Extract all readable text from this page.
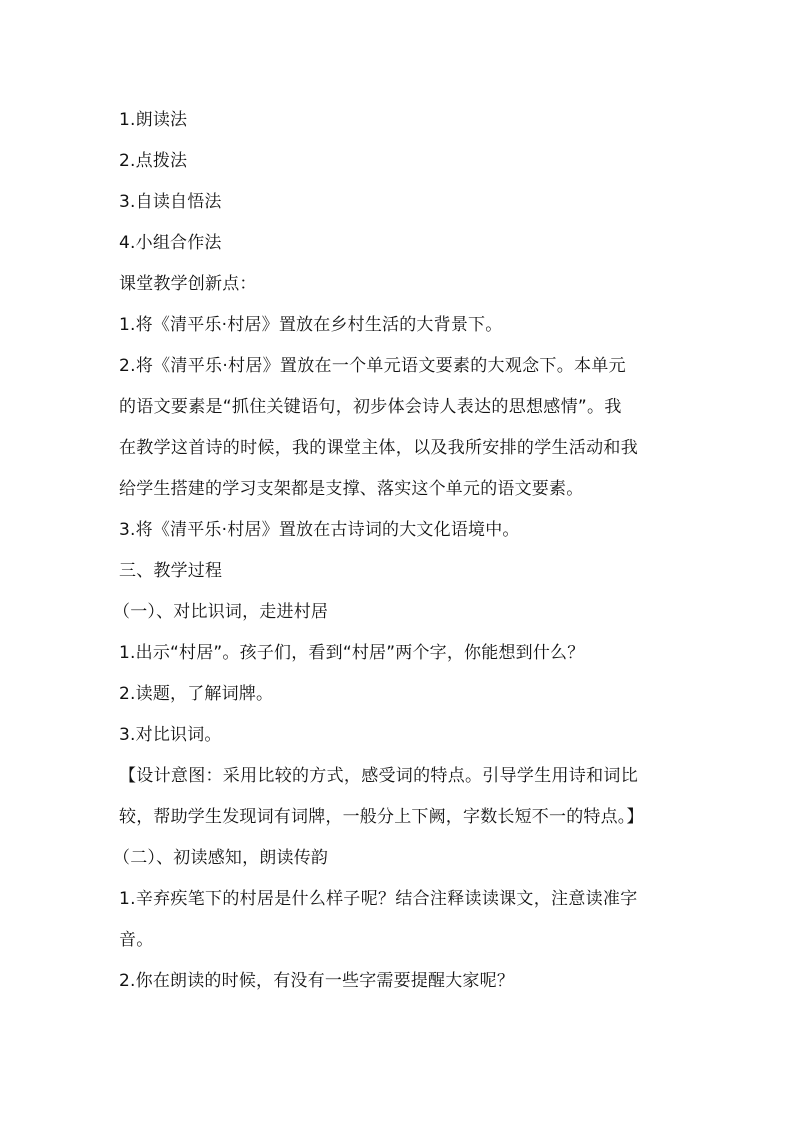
1.朗读法
2.点拨法
3.自读自悟法
4.小组合作法
课堂教学创新点：
1.将《清平乐·村居》置放在乡村生活的大背景下。
2.将《清平乐·村居》置放在一个单元语文要素的大观念下。本单元
的语文要素是“抓住关键语句，初步体会诗人表达的思想感情”。我
在教学这首诗的时候，我的课堂主体，以及我所安排的学生活动和我
给学生搭建的学习支架都是支撑、落实这个单元的语文要素。
3.将《清平乐·村居》置放在古诗词的大文化语境中。
三、教学过程
（一）、对比识词，走进村居
1.出示“村居”。孩子们，看到“村居”两个字，你能想到什么？
2.读题，了解词牌。
3.对比识词。
【设计意图：采用比较的方式，感受词的特点。引导学生用诗和词比
较，帮助学生发现词有词牌，一般分上下阙，字数长短不一的特点。】
（二）、初读感知，朗读传韵
1.辛弃疾笔下的村居是什么样子呢？结合注释读读课文，注意读准字
音。
2.你在朗读的时候，有没有一些字需要提醒大家呢？
